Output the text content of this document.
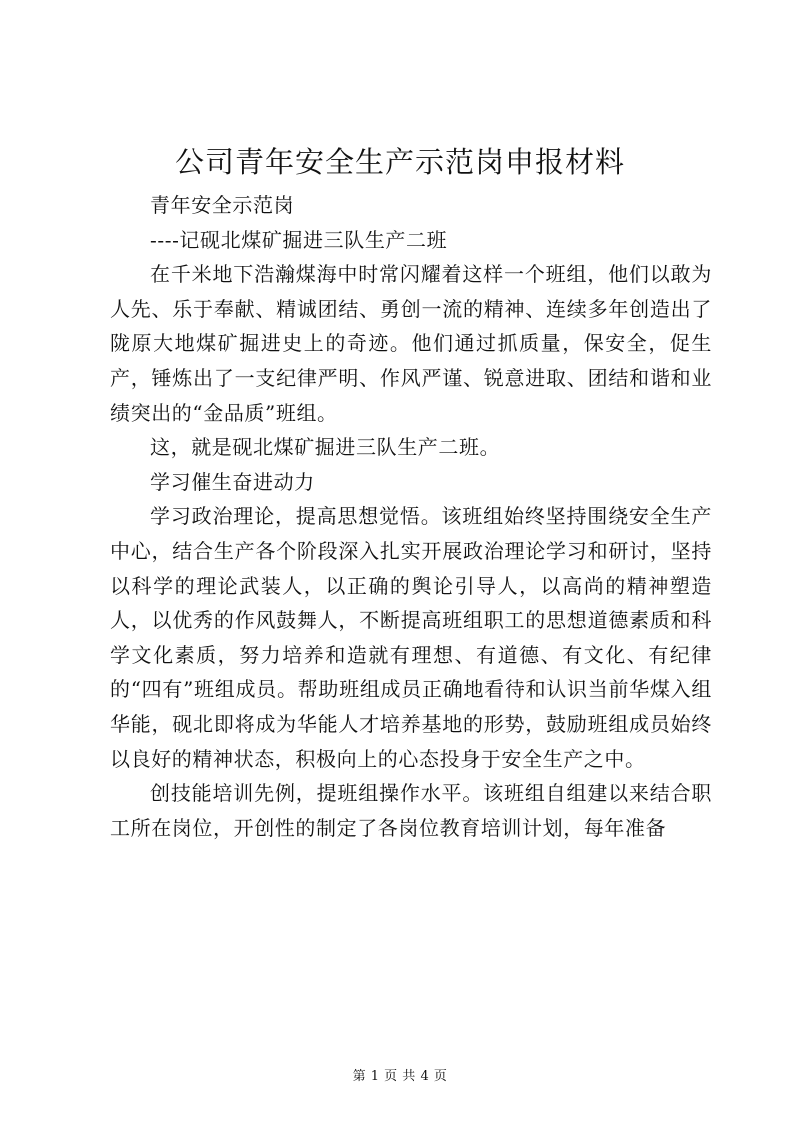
公司青年安全生产示范岗申报材料

青年安全示范岗

----记砚北煤矿掘进三队生产二班

在千米地下浩瀚煤海中时常闪耀着这样一个班组，他们以敢为人先、乐于奉献、精诚团结、勇创一流的精神、连续多年创造出了陇原大地煤矿掘进史上的奇迹。他们通过抓质量，保安全，促生产，锤炼出了一支纪律严明、作风严谨、锐意进取、团结和谐和业绩突出的“金品质”班组。

这，就是砚北煤矿掘进三队生产二班。

学习催生奋进动力

学习政治理论，提高思想觉悟。该班组始终坚持围绕安全生产中心，结合生产各个阶段深入扎实开展政治理论学习和研讨，坚持以科学的理论武装人，以正确的舆论引导人，以高尚的精神塑造人，以优秀的作风鼓舞人，不断提高班组职工的思想道德素质和科学文化素质，努力培养和造就有理想、有道德、有文化、有纪律的“四有”班组成员。帮助班组成员正确地看待和认识当前华煤入组华能，砚北即将成为华能人才培养基地的形势，鼓励班组成员始终以良好的精神状态，积极向上的心态投身于安全生产之中。

创技能培训先例，提班组操作水平。该班组自组建以来结合职工所在岗位，开创性的制定了各岗位教育培训计划，每年准备

第 1 页 共 4 页
